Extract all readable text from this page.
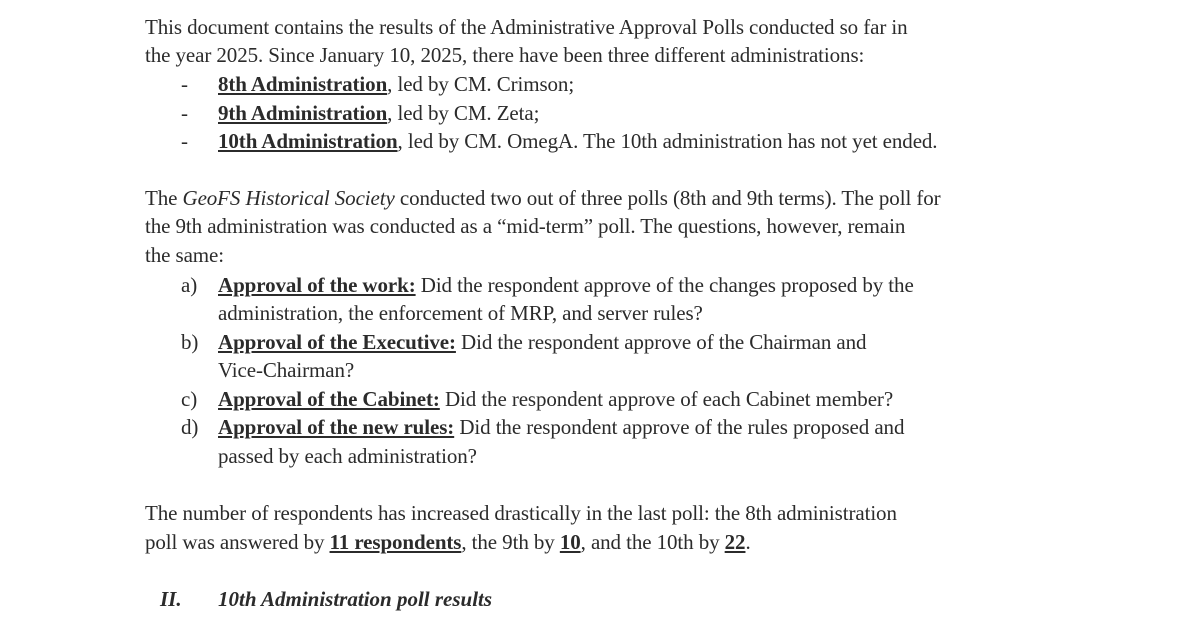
This document contains the results of the Administrative Approval Polls conducted so far in
the year 2025. Since January 10, 2025, there have been three different administrations:
- 8th Administration, led by CM. Crimson;
- 9th Administration, led by CM. Zeta;
- 10th Administration, led by CM. OmegA. The 10th administration has not yet ended.
The GeoFS Historical Society conducted two out of three polls (8th and 9th terms). The poll for
the 9th administration was conducted as a “mid-term” poll. The questions, however, remain
the same:
a) Approval of the work: Did the respondent approve of the changes proposed by the
administration, the enforcement of MRP, and server rules?
b) Approval of the Executive: Did the respondent approve of the Chairman and
Vice-Chairman?
c) Approval of the Cabinet: Did the respondent approve of each Cabinet member?
d) Approval of the new rules: Did the respondent approve of the rules proposed and
passed by each administration?
The number of respondents has increased drastically in the last poll: the 8th administration
poll was answered by 11 respondents, the 9th by 10, and the 10th by 22.
II. 10th Administration poll results
